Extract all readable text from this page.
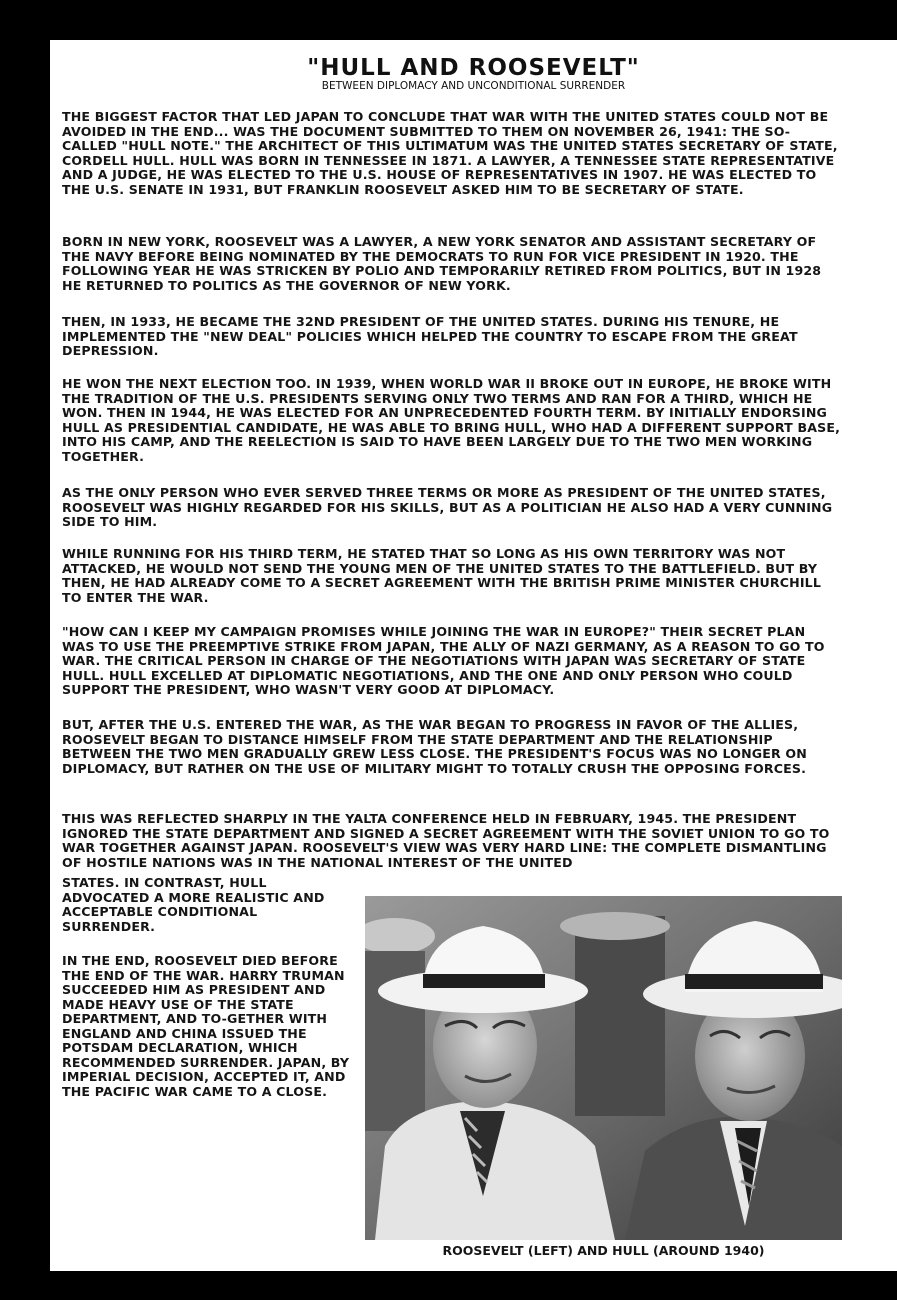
"HULL AND ROOSEVELT"
BETWEEN DIPLOMACY AND UNCONDITIONAL SURRENDER

THE BIGGEST FACTOR THAT LED JAPAN TO CONCLUDE THAT WAR WITH THE UNITED STATES COULD NOT BE AVOIDED IN THE END... WAS THE DOCUMENT SUBMITTED TO THEM ON NOVEMBER 26, 1941: THE SO-CALLED "HULL NOTE." THE ARCHITECT OF THIS ULTIMATUM WAS THE UNITED STATES SECRETARY OF STATE, CORDELL HULL. HULL WAS BORN IN TENNESSEE IN 1871. A LAWYER, A TENNESSEE STATE REPRESENTATIVE AND A JUDGE, HE WAS ELECTED TO THE U.S. HOUSE OF REPRESENTATIVES IN 1907. HE WAS ELECTED TO THE U.S. SENATE IN 1931, BUT FRANKLIN ROOSEVELT ASKED HIM TO BE SECRETARY OF STATE.

BORN IN NEW YORK, ROOSEVELT WAS A LAWYER, A NEW YORK SENATOR AND ASSISTANT SECRETARY OF THE NAVY BEFORE BEING NOMINATED BY THE DEMOCRATS TO RUN FOR VICE PRESIDENT IN 1920. THE FOLLOWING YEAR HE WAS STRICKEN BY POLIO AND TEMPORARILY RETIRED FROM POLITICS, BUT IN 1928 HE RETURNED TO POLITICS AS THE GOVERNOR OF NEW YORK.

THEN, IN 1933, HE BECAME THE 32ND PRESIDENT OF THE UNITED STATES. DURING HIS TENURE, HE IMPLEMENTED THE "NEW DEAL" POLICIES WHICH HELPED THE COUNTRY TO ESCAPE FROM THE GREAT DEPRESSION.

HE WON THE NEXT ELECTION TOO. IN 1939, WHEN WORLD WAR II BROKE OUT IN EUROPE, HE BROKE WITH THE TRADITION OF THE U.S. PRESIDENTS SERVING ONLY TWO TERMS AND RAN FOR A THIRD, WHICH HE WON. THEN IN 1944, HE WAS ELECTED FOR AN UNPRECEDENTED FOURTH TERM. BY INITIALLY ENDORSING HULL AS PRESIDENTIAL CANDIDATE, HE WAS ABLE TO BRING HULL, WHO HAD A DIFFERENT SUPPORT BASE, INTO HIS CAMP, AND THE REELECTION IS SAID TO HAVE BEEN LARGELY DUE TO THE TWO MEN WORKING TOGETHER.

AS THE ONLY PERSON WHO EVER SERVED THREE TERMS OR MORE AS PRESIDENT OF THE UNITED STATES, ROOSEVELT WAS HIGHLY REGARDED FOR HIS SKILLS, BUT AS A POLITICIAN HE ALSO HAD A VERY CUNNING SIDE TO HIM.

WHILE RUNNING FOR HIS THIRD TERM, HE STATED THAT SO LONG AS HIS OWN TERRITORY WAS NOT ATTACKED, HE WOULD NOT SEND THE YOUNG MEN OF THE UNITED STATES TO THE BATTLEFIELD. BUT BY THEN, HE HAD ALREADY COME TO A SECRET AGREEMENT WITH THE BRITISH PRIME MINISTER CHURCHILL TO ENTER THE WAR.

"HOW CAN I KEEP MY CAMPAIGN PROMISES WHILE JOINING THE WAR IN EUROPE?" THEIR SECRET PLAN WAS TO USE THE PREEMPTIVE STRIKE FROM JAPAN, THE ALLY OF NAZI GERMANY, AS A REASON TO GO TO WAR. THE CRITICAL PERSON IN CHARGE OF THE NEGOTIATIONS WITH JAPAN WAS SECRETARY OF STATE HULL. HULL EXCELLED AT DIPLOMATIC NEGOTIATIONS, AND THE ONE AND ONLY PERSON WHO COULD SUPPORT THE PRESIDENT, WHO WASN'T VERY GOOD AT DIPLOMACY.

BUT, AFTER THE U.S. ENTERED THE WAR, AS THE WAR BEGAN TO PROGRESS IN FAVOR OF THE ALLIES, ROOSEVELT BEGAN TO DISTANCE HIMSELF FROM THE STATE DEPARTMENT AND THE RELATIONSHIP BETWEEN THE TWO MEN GRADUALLY GREW LESS CLOSE. THE PRESIDENT'S FOCUS WAS NO LONGER ON DIPLOMACY, BUT RATHER ON THE USE OF MILITARY MIGHT TO TOTALLY CRUSH THE OPPOSING FORCES.

THIS WAS REFLECTED SHARPLY IN THE YALTA CONFERENCE HELD IN FEBRUARY, 1945. THE PRESIDENT IGNORED THE STATE DEPARTMENT AND SIGNED A SECRET AGREEMENT WITH THE SOVIET UNION TO GO TO WAR TOGETHER AGAINST JAPAN. ROOSEVELT'S VIEW WAS VERY HARD LINE: THE COMPLETE DISMANTLING OF HOSTILE NATIONS WAS IN THE NATIONAL INTEREST OF THE UNITED

STATES. IN CONTRAST, HULL ADVOCATED A MORE REALISTIC AND ACCEPTABLE CONDITIONAL SURRENDER.

IN THE END, ROOSEVELT DIED BEFORE THE END OF THE WAR. HARRY TRUMAN SUCCEEDED HIM AS PRESIDENT AND MADE HEAVY USE OF THE STATE DEPARTMENT, AND TO-GETHER WITH ENGLAND AND CHINA ISSUED THE POTSDAM DECLARATION, WHICH RECOMMENDED SURRENDER. JAPAN, BY IMPERIAL DECISION, ACCEPTED IT, AND THE PACIFIC WAR CAME TO A CLOSE.

ROOSEVELT (LEFT) AND HULL (AROUND 1940)
